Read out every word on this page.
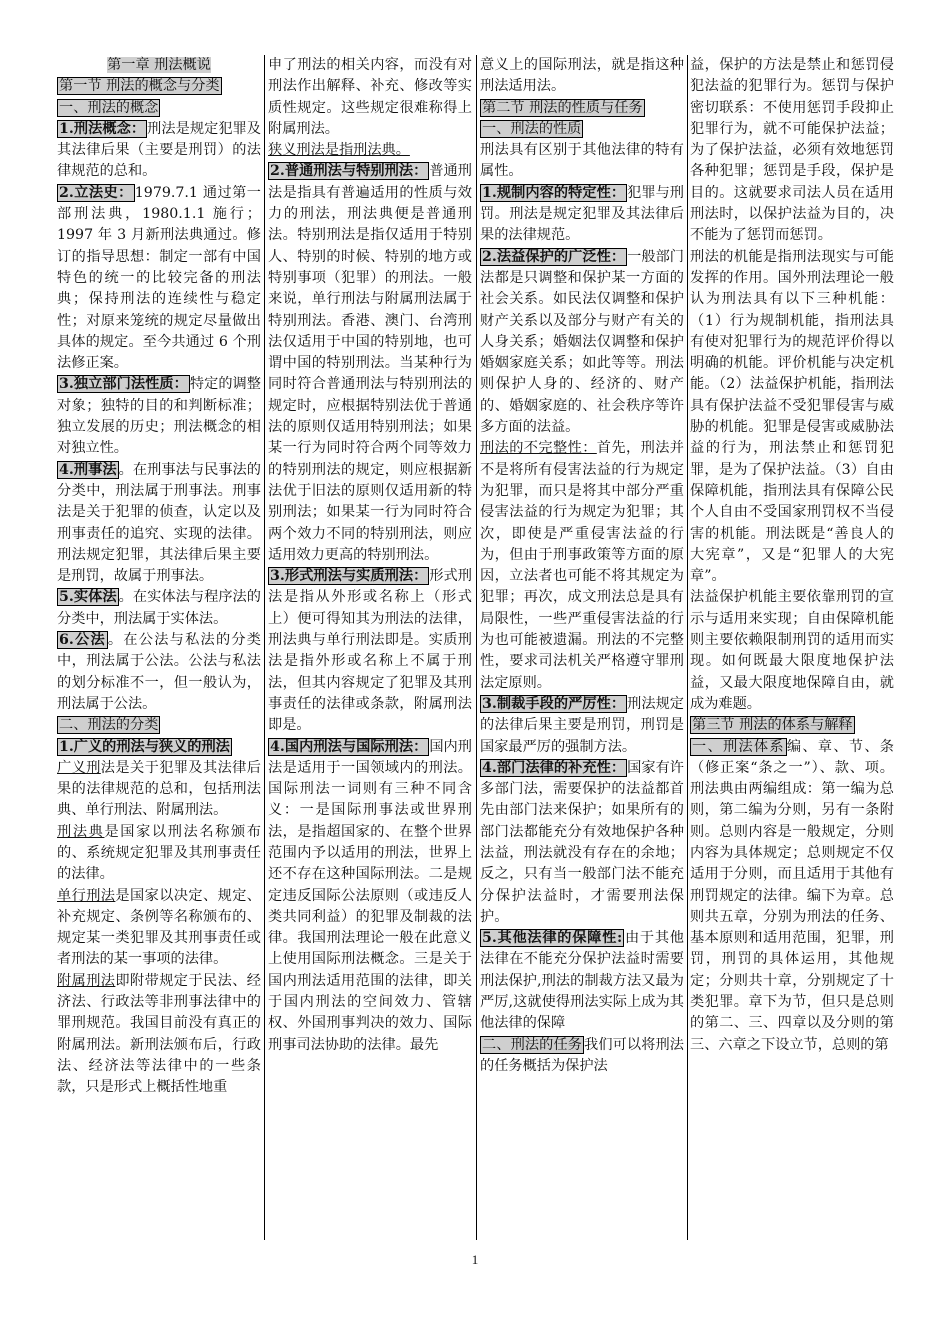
第一章 刑法概说
第一节 刑法的概念与分类
一、刑法的概念
1.刑法概念： 刑法是规定犯罪及其法律后果（主要是刑罚）的法律规范的总和。
2.立法史： 1979.7.1 通过第一部刑法典，1980.1.1 施行；1997 年 3 月新刑法典通过。修订的指导思想：制定一部有中国特色的统一的比较完备的刑法典；保持刑法的连续性与稳定性；对原来笼统的规定尽量做出具体的规定。至今共通过 6 个刑法修正案。
3.独立部门法性质： 特定的调整对象；独特的目的和判断标准；独立发展的历史；刑法概念的相对独立性。
4.刑事法 。在刑事法与民事法的分类中，刑法属于刑事法。刑事法是关于犯罪的侦查，认定以及刑事责任的追究、实现的法律。刑法规定犯罪，其法律后果主要是刑罚，故属于刑事法。
5.实体法 。在实体法与程序法的分类中，刑法属于实体法。
6.公法 。在公法与私法的分类中，刑法属于公法。公法与私法的划分标准不一，但一般认为，刑法属于公法。
二、刑法的分类
1.广义的刑法与狭义的刑法
广义刑法是关于犯罪及其法律后果的法律规范的总和，包括刑法典、单行刑法、附属刑法。
刑法典是国家以刑法名称颁布的、系统规定犯罪及其刑事责任的法律。
单行刑法是国家以决定、规定、补充规定、条例等名称颁布的、规定某一类犯罪及其刑事责任或者刑法的某一事项的法律。
附属刑法即附带规定于民法、经济法、行政法等非刑事法律中的罪刑规范。我国目前没有真正的附属刑法。新刑法颁布后，行政法、经济法等法律中的一些条款，只是形式上概括性地重
申了刑法的相关内容，而没有对刑法作出解释、补充、修改等实质性规定。这些规定很难称得上附属刑法。
狭义刑法是指刑法典。
2.普通刑法与特别刑法： 普通刑法是指具有普遍适用的性质与效力的刑法，刑法典便是普通刑法。特别刑法是指仅适用于特别人、特别的时候、特别的地方或特别事项（犯罪）的刑法。一般来说，单行刑法与附属刑法属于特别刑法。香港、澳门、台湾刑法仅适用于中国的特别地，也可谓中国的特别刑法。当某种行为同时符合普通刑法与特别刑法的规定时，应根据特别法优于普通法的原则仅适用特别刑法；如果某一行为同时符合两个同等效力的特别刑法的规定，则应根据新法优于旧法的原则仅适用新的特别刑法；如果某一行为同时符合两个效力不同的特别刑法，则应适用效力更高的特别刑法。
3.形式刑法与实质刑法： 形式刑法是指从外形或名称上（形式上）便可得知其为刑法的法律，刑法典与单行刑法即是。实质刑法是指外形或名称上不属于刑法，但其内容规定了犯罪及其刑事责任的法律或条款，附属刑法即是。
4.国内刑法与国际刑法： 国内刑法是适用于一国领域内的刑法。国际刑法一词则有三种不同含义：一是国际刑事法或世界刑法，是指超国家的、在整个世界范围内予以适用的刑法，世界上还不存在这种国际刑法。二是规定违反国际公法原则（或违反人类共同利益）的犯罪及制裁的法律。我国刑法理论一般在此意义上使用国际刑法概念。三是关于国内刑法适用范围的法律，即关于国内刑法的空间效力、管辖权、外国刑事判决的效力、国际刑事司法协助的法律。最先
意义上的国际刑法，就是指这种刑法适用法。
第二节 刑法的性质与任务
一、刑法的性质
刑法具有区别于其他法律的特有属性。
1.规制内容的特定性： 犯罪与刑罚。刑法是规定犯罪及其法律后果的法律规范。
2.法益保护的广泛性： 一般部门法都是只调整和保护某一方面的社会关系。如民法仅调整和保护财产关系以及部分与财产有关的人身关系；婚姻法仅调整和保护婚姻家庭关系；如此等等。刑法则保护人身的、经济的、财产的、婚姻家庭的、社会秩序等许多方面的法益。
刑法的不完整性：首先，刑法并不是将所有侵害法益的行为规定为犯罪，而只是将其中部分严重侵害法益的行为规定为犯罪；其次，即使是严重侵害法益的行为，但由于刑事政策等方面的原因，立法者也可能不将其规定为犯罪；再次，成文刑法总是具有局限性，一些严重侵害法益的行为也可能被遗漏。刑法的不完整性，要求司法机关严格遵守罪刑法定原则。
3.制裁手段的严厉性： 刑法规定的法律后果主要是刑罚，刑罚是国家最严厉的强制方法。
4.部门法律的补充性： 国家有许多部门法，需要保护的法益都首先由部门法来保护；如果所有的部门法都能充分有效地保护各种法益，刑法就没有存在的余地；反之，只有当一般部门法不能充分保护法益时，才需要刑法保护。
5.其他法律的保障性: 由于其他法律在不能充分保护法益时需要刑法保护,刑法的制裁方法又最为严厉,这就使得刑法实际上成为其他法律的保障
二、刑法的任务 我们可以将刑法的任务概括为保护法
益，保护的方法是禁止和惩罚侵犯法益的犯罪行为。惩罚与保护密切联系：不使用惩罚手段抑止犯罪行为，就不可能保护法益；为了保护法益，必须有效地惩罚各种犯罪；惩罚是手段，保护是目的。这就要求司法人员在适用刑法时，以保护法益为目的，决不能为了惩罚而惩罚。
刑法的机能是指刑法现实与可能发挥的作用。国外刑法理论一般认为刑法具有以下三种机能：（1）行为规制机能，指刑法具有使对犯罪行为的规范评价得以明确的机能。评价机能与决定机能。（2）法益保护机能，指刑法具有保护法益不受犯罪侵害与威胁的机能。犯罪是侵害或威胁法益的行为，刑法禁止和惩罚犯罪，是为了保护法益。（3）自由保障机能，指刑法具有保障公民个人自由不受国家刑罚权不当侵害的机能。刑法既是“善良人的大宪章”，又是“犯罪人的大宪章”。
法益保护机能主要依靠刑罚的宣示与适用来实现；自由保障机能则主要依赖限制刑罚的适用而实现。如何既最大限度地保护法益，又最大限度地保障自由，就成为难题。
第三节 刑法的体系与解释
一、刑法体系 编、章、节、条（修正案“条之一”）、款、项。刑法典由两编组成：第一编为总则，第二编为分则，另有一条附则。总则内容是一般规定，分则内容为具体规定；总则规定不仅适用于分则，而且适用于其他有刑罚规定的法律。编下为章。总则共五章，分别为刑法的任务、基本原则和适用范围，犯罪，刑罚，刑罚的具体运用，其他规定；分则共十章，分别规定了十类犯罪。章下为节，但只是总则的第二、三、四章以及分则的第三、六章之下设立节，总则的第
1
